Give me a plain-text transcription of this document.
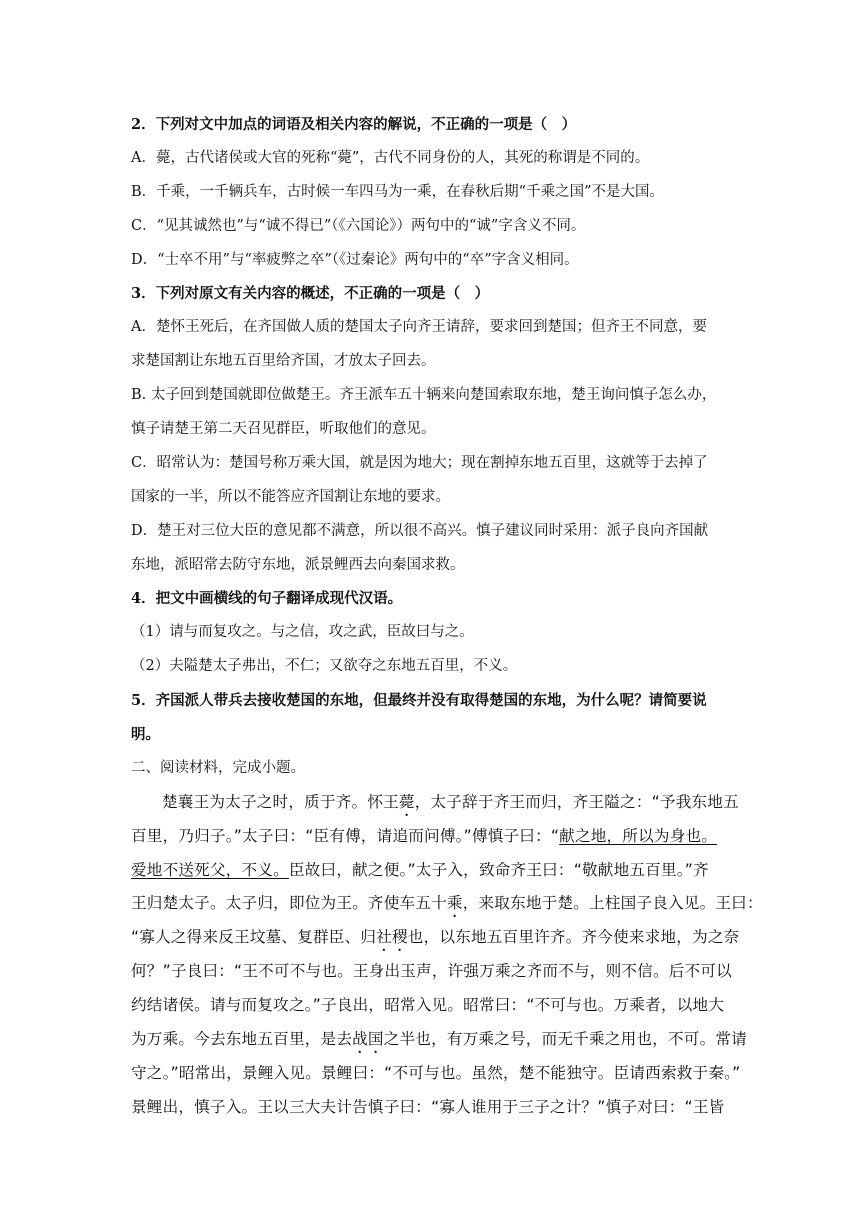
2．下列对文中加点的词语及相关内容的解说，不正确的一项是（　）
A．薨，古代诸侯或大官的死称“薨”，古代不同身份的人，其死的称谓是不同的。
B．千乘，一千辆兵车，古时候一车四马为一乘，在春秋后期“千乘之国”不是大国。
C．“见其诚然也”与“诚不得已”（《六国论》）两句中的“诚”字含义不同。
D．“士卒不用”与“率疲弊之卒”（《过秦论》两句中的“卒”字含义相同。
3．下列对原文有关内容的概述，不正确的一项是（　）
A．楚怀王死后，在齐国做人质的楚国太子向齐王请辞，要求回到楚国；但齐王不同意，要
求楚国割让东地五百里给齐国，才放太子回去。
B. 太子回到楚国就即位做楚王。齐王派车五十辆来向楚国索取东地，楚王询问慎子怎么办，
慎子请楚王第二天召见群臣，听取他们的意见。
C．昭常认为：楚国号称万乘大国，就是因为地大；现在割掉东地五百里，这就等于去掉了
国家的一半，所以不能答应齐国割让东地的要求。
D．楚王对三位大臣的意见都不满意，所以很不高兴。慎子建议同时采用：派子良向齐国献
东地，派昭常去防守东地，派景鲤西去向秦国求救。
4．把文中画横线的句子翻译成现代汉语。
（1）请与而复攻之。与之信，攻之武，臣故曰与之。
（2）夫隘楚太子弗出，不仁；又欲夺之东地五百里，不义。
5．齐国派人带兵去接收楚国的东地，但最终并没有取得楚国的东地，为什么呢？请简要说
明。
二、阅读材料，完成小题。
楚襄王为太子之时，质于齐。怀王薨，太子辞于齐王而归，齐王隘之：“予我东地五
百里，乃归子。”太子曰：“臣有傅，请追而问傅。”傅慎子曰：“献之地，所以为身也。
爱地不送死父，不义。臣故曰，献之便。”太子入，致命齐王曰：“敬献地五百里。”齐
王归楚太子。太子归，即位为王。齐使车五十乘，来取东地于楚。上柱国子良入见。王曰：
“寡人之得来反王坟墓、复群臣、归社稷也，以东地五百里许齐。齐今使来求地，为之奈
何？”子良曰：“王不可不与也。王身出玉声，许强万乘之齐而不与，则不信。后不可以
约结诸侯。请与而复攻之。”子良出，昭常入见。昭常曰：“不可与也。万乘者，以地大
为万乘。今去东地五百里，是去战国之半也，有万乘之号，而无千乘之用也，不可。常请
守之。”昭常出，景鲤入见。景鲤曰：“不可与也。虽然，楚不能独守。臣请西索救于秦。”
景鲤出，慎子入。王以三大夫计告慎子曰：“寡人谁用于三子之计？”慎子对曰：“王皆
